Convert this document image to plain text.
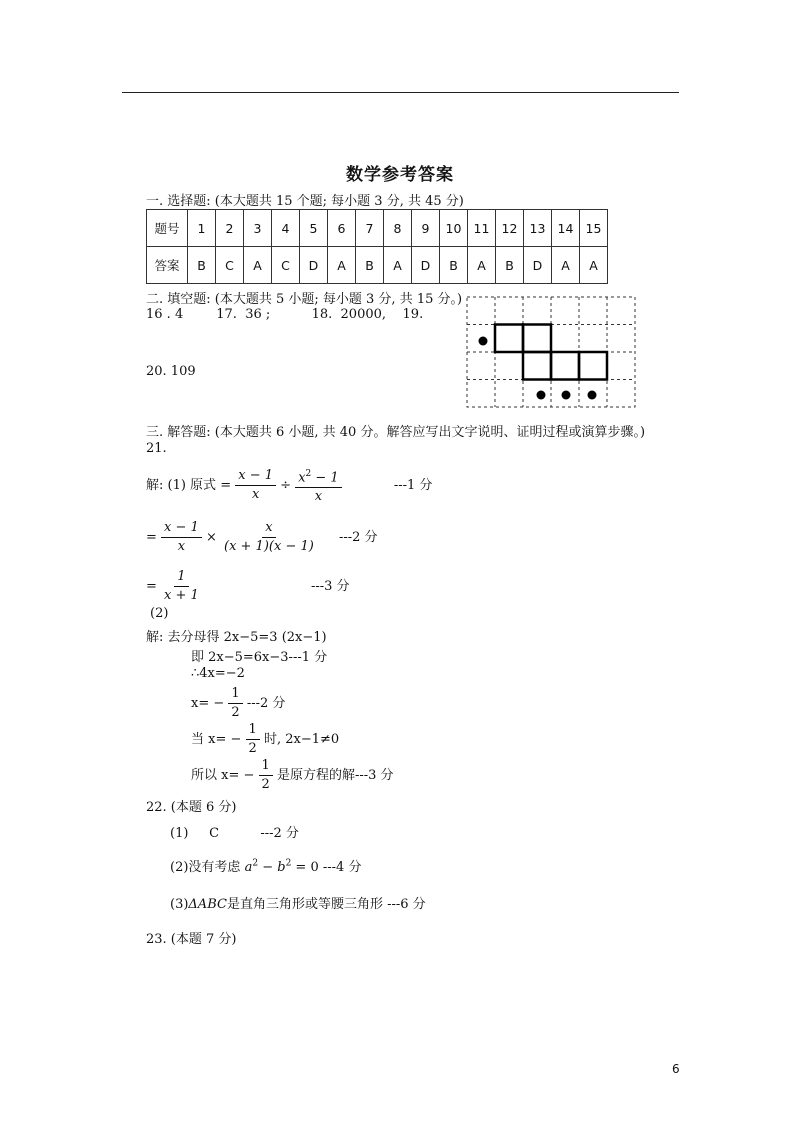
数学参考答案
一. 选择题: (本大题共 15 个题; 每小题 3 分, 共 45 分)
题号	1	2	3	4	5	6	7	8	9	10	11	12	13	14	15
答案	B	C	A	C	D	A	B	A	D	B	A	B	D	A	A
二. 填空题: (本大题共 5 小题; 每小题 3 分, 共 15 分。)
16 . 4        17.  36 ;          18.  20000,    19.
20. 109
三. 解答题: (本大题共 6 小题, 共 40 分。解答应写出文字说明、证明过程或演算步骤。)
21.
解: (1) 原式 = $\frac{x - 1}{x} \div \frac{x^2 - 1}{x}$	---1 分
= $\frac{x - 1}{x} \times \frac{x}{(x + 1)(x - 1)} ---2$ 分
= $\frac{1}{x + 1}$	---3 分
(2)
解: 去分母得 2x−5=3 (2x−1)
即 2x−5=6x−3---1 分
∴4x=−2
$x= - \frac{1}{2} ---2$ 分
当 $x= - \frac{1}{2}$ 时, 2x−1≠0
所以 $x= - \frac{1}{2}$ 是原方程的解---3 分
22. (本题 6 分)
(1)     C          ---2 分
(2)没有考虑 $a^2 - b^2 = 0$ ---4 分
(3)ΔABC是直角三角形或等腰三角形 ---6 分
23. (本题 7 分)
6
